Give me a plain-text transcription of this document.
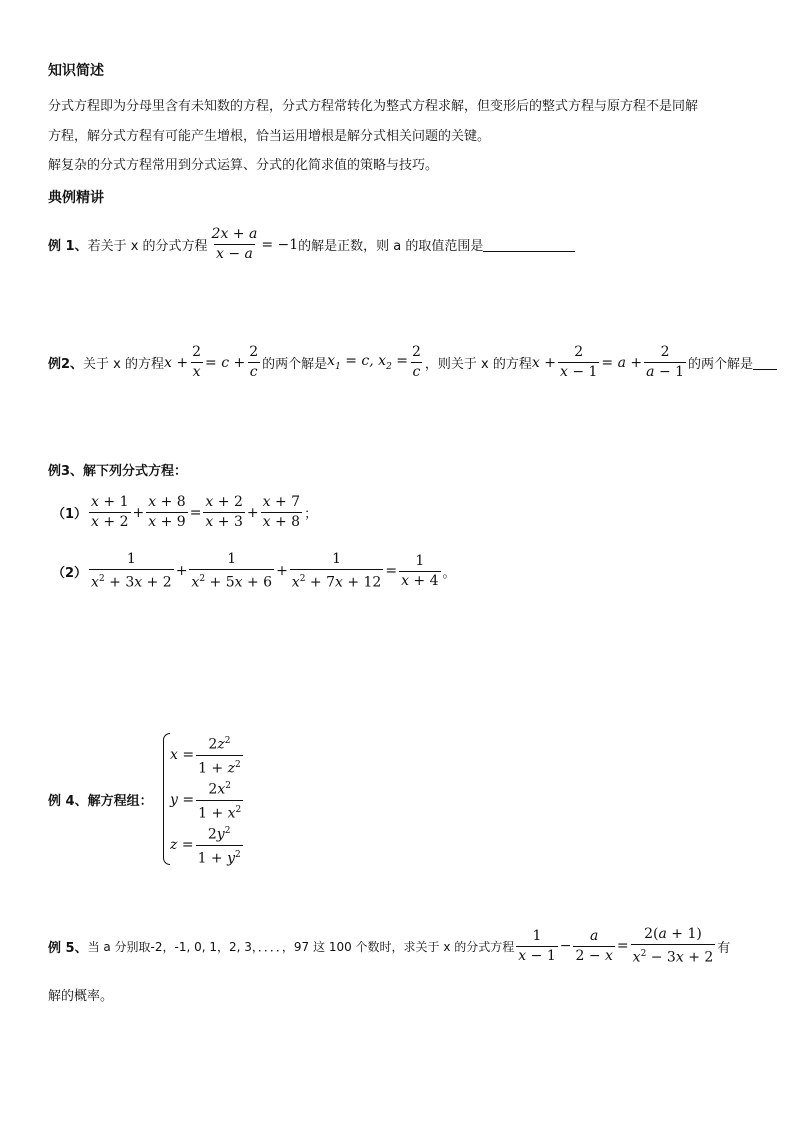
知识简述
分式方程即为分母里含有未知数的方程，分式方程常转化为整式方程求解，但变形后的整式方程与原方程不是同解
方程，解分式方程有可能产生增根，恰当运用增根是解分式相关问题的关键。
解复杂的分式方程常用到分式运算、分式的化简求值的策略与技巧。
典例精讲
例 1、 若关于 x 的分式方程 $\frac{2x + a}{x - a} = -1$ 的解是正数，则 a 的取值范围是
例2、 关于 x 的方程 $x + \frac{2}{x} = c + \frac{2}{c}$ 的两个解是 $x_1 = c$, $x_2 = \frac{2}{c}$ ，则关于 x 的方程 $x + \frac{2}{x - 1} = a + \frac{2}{a - 1}$ 的两个解是
例3、解下列分式方程：
$(1) \frac{x + 1}{x + 2} + \frac{x + 8}{x + 9} = \frac{x + 2}{x + 3} + \frac{x + 7}{x + 8}$ ；
$(2) \frac{1}{x^2 + 3x + 2} + \frac{1}{x^2 + 5x + 6} + \frac{1}{x^2 + 7x + 12} = \frac{1}{x + 4}$ 。
例 4、解方程组：
$x = \frac{2z^2}{1 + z^2}$
$y = \frac{2x^2}{1 + x^2}$
$z = \frac{2y^2}{1 + y^2}$
例 5、 当 a 分别取-2，-1, 0, 1，2, 3，．．．．，97 这 100 个数时，求关于 x 的分式方程 $\frac{1}{x - 1} - \frac{a}{2 - x} = \frac{2(a + 1)}{x^2 - 3x + 2}$ 有
解的概率。
